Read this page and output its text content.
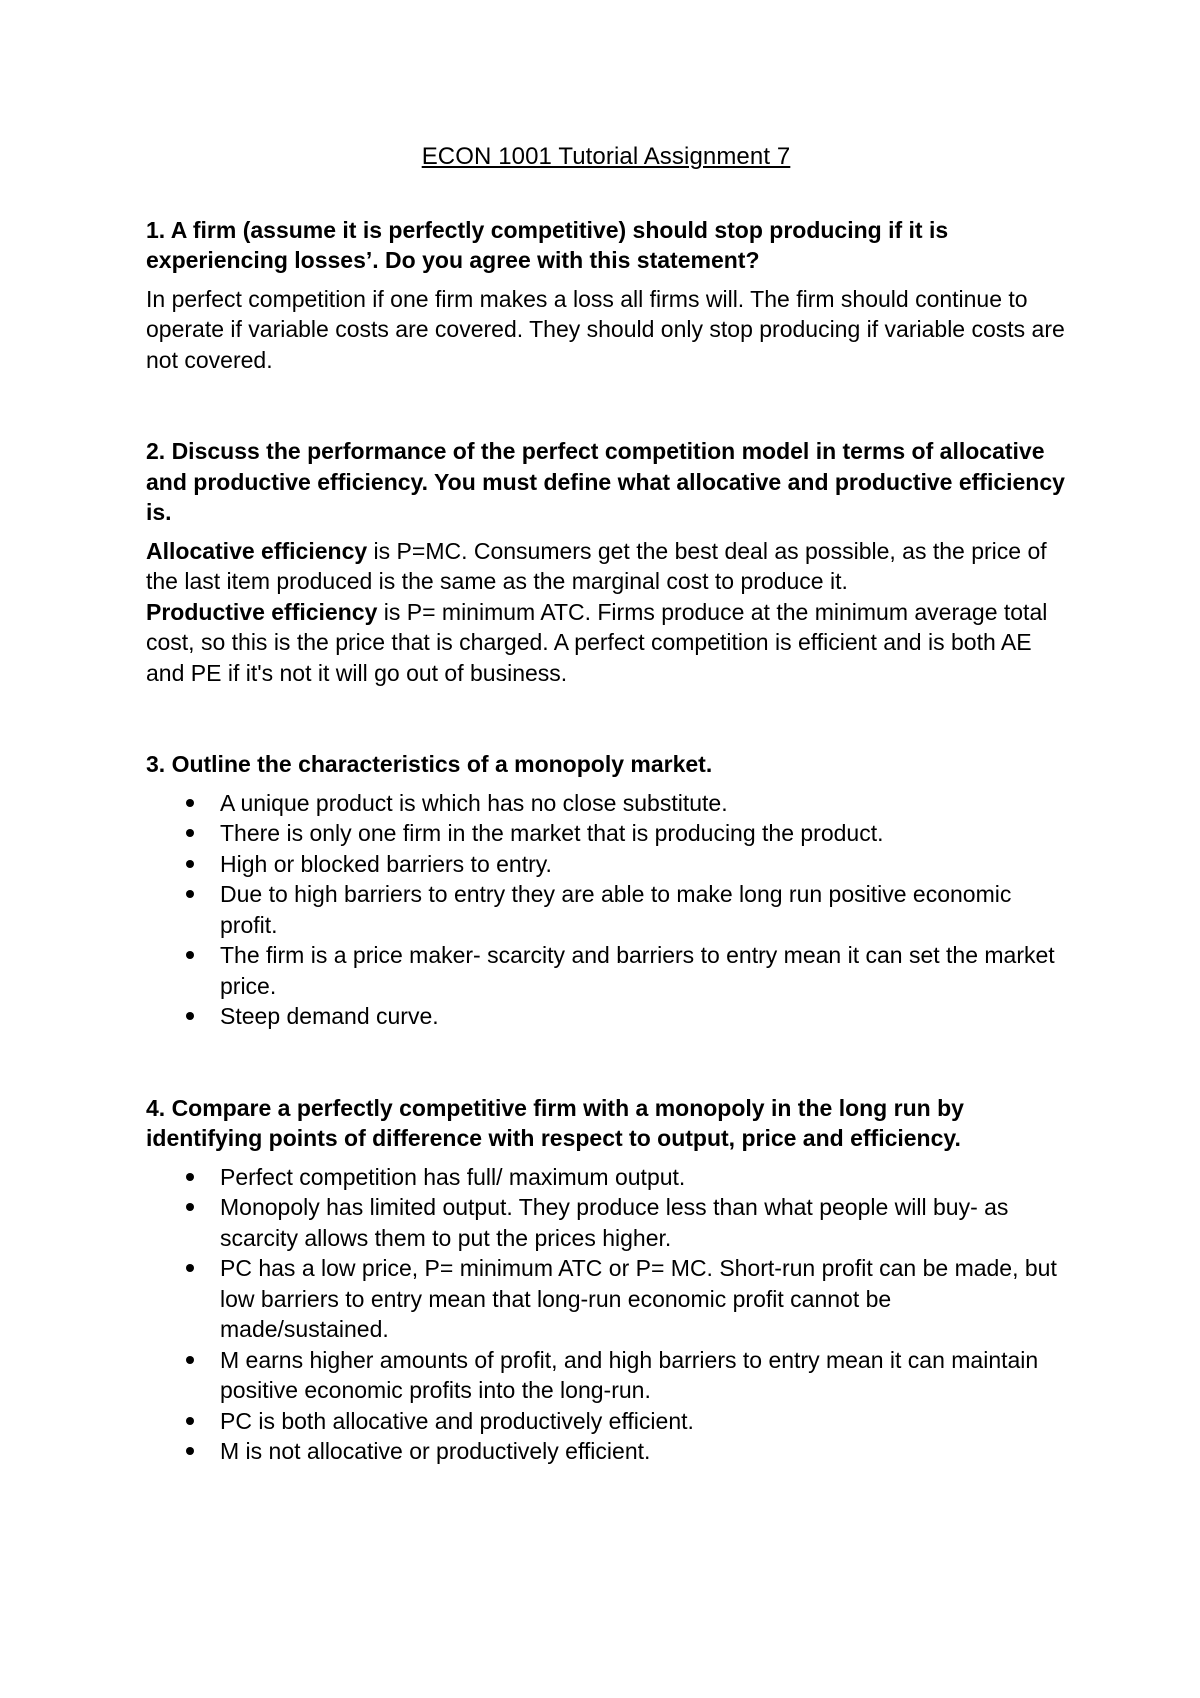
ECON 1001 Tutorial Assignment 7

1. A firm (assume it is perfectly competitive) should stop producing if it is experiencing losses’. Do you agree with this statement?

In perfect competition if one firm makes a loss all firms will. The firm should continue to operate if variable costs are covered. They should only stop producing if variable costs are not covered.

2. Discuss the performance of the perfect competition model in terms of allocative and productive efficiency. You must define what allocative and productive efficiency is.

Allocative efficiency is P=MC. Consumers get the best deal as possible, as the price of the last item produced is the same as the marginal cost to produce it.

Productive efficiency is P= minimum ATC. Firms produce at the minimum average total cost, so this is the price that is charged. A perfect competition is efficient and is both AE and PE if it's not it will go out of business.

3. Outline the characteristics of a monopoly market.

A unique product is which has no close substitute.
There is only one firm in the market that is producing the product.
High or blocked barriers to entry.
Due to high barriers to entry they are able to make long run positive economic profit.
The firm is a price maker- scarcity and barriers to entry mean it can set the market price.
Steep demand curve.

4. Compare a perfectly competitive firm with a monopoly in the long run by identifying points of difference with respect to output, price and efficiency.

Perfect competition has full/ maximum output.
Monopoly has limited output. They produce less than what people will buy- as scarcity allows them to put the prices higher.
PC has a low price, P= minimum ATC or P= MC. Short-run profit can be made, but low barriers to entry mean that long-run economic profit cannot be made/sustained.
M earns higher amounts of profit, and high barriers to entry mean it can maintain positive economic profits into the long-run.
PC is both allocative and productively efficient.
M is not allocative or productively efficient.
